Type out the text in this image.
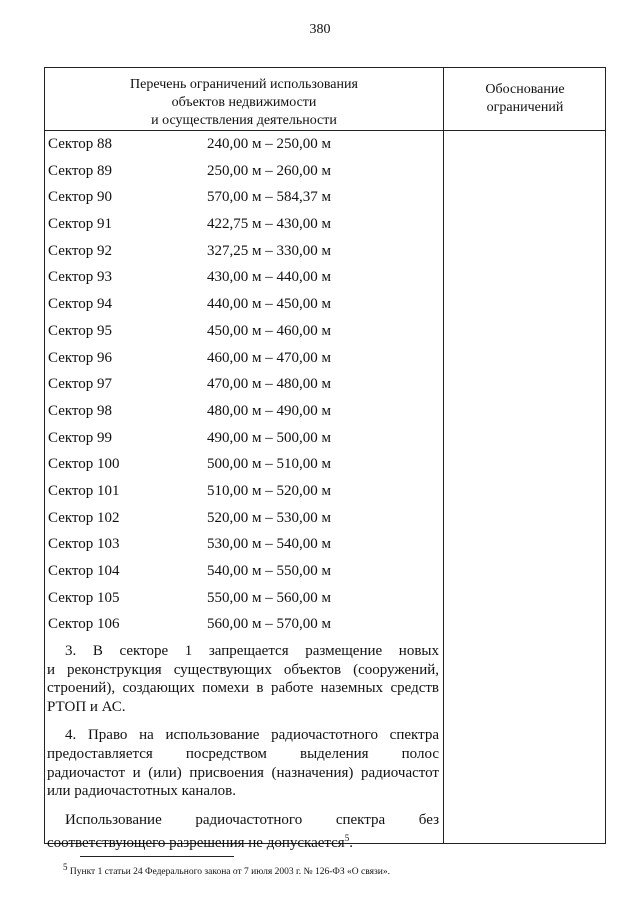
380
Перечень ограничений использования
объектов недвижимости
и осуществления деятельности
Обоснование
ограничений
Сектор 88	240,00 м – 250,00 м
Сектор 89	250,00 м – 260,00 м
Сектор 90	570,00 м – 584,37 м
Сектор 91	422,75 м – 430,00 м
Сектор 92	327,25 м – 330,00 м
Сектор 93	430,00 м – 440,00 м
Сектор 94	440,00 м – 450,00 м
Сектор 95	450,00 м – 460,00 м
Сектор 96	460,00 м – 470,00 м
Сектор 97	470,00 м – 480,00 м
Сектор 98	480,00 м – 490,00 м
Сектор 99	490,00 м – 500,00 м
Сектор 100	500,00 м – 510,00 м
Сектор 101	510,00 м – 520,00 м
Сектор 102	520,00 м – 530,00 м
Сектор 103	530,00 м – 540,00 м
Сектор 104	540,00 м – 550,00 м
Сектор 105	550,00 м – 560,00 м
Сектор 106	560,00 м – 570,00 м

3. В секторе 1 запрещается размещение новых
и реконструкция существующих объектов (сооружений,
строений), создающих помехи в работе наземных средств
РТОП и АС.

4. Право на использование радиочастотного спектра
предоставляется посредством выделения полос
радиочастот и (или) присвоения (назначения) радиочастот
или радиочастотных каналов.

Использование радиочастотного спектра без
соответствующего разрешения не допускается$^5$.

$^5$ Пункт 1 статьи 24 Федерального закона от 7 июля 2003 г. № 126-ФЗ «О связи».
